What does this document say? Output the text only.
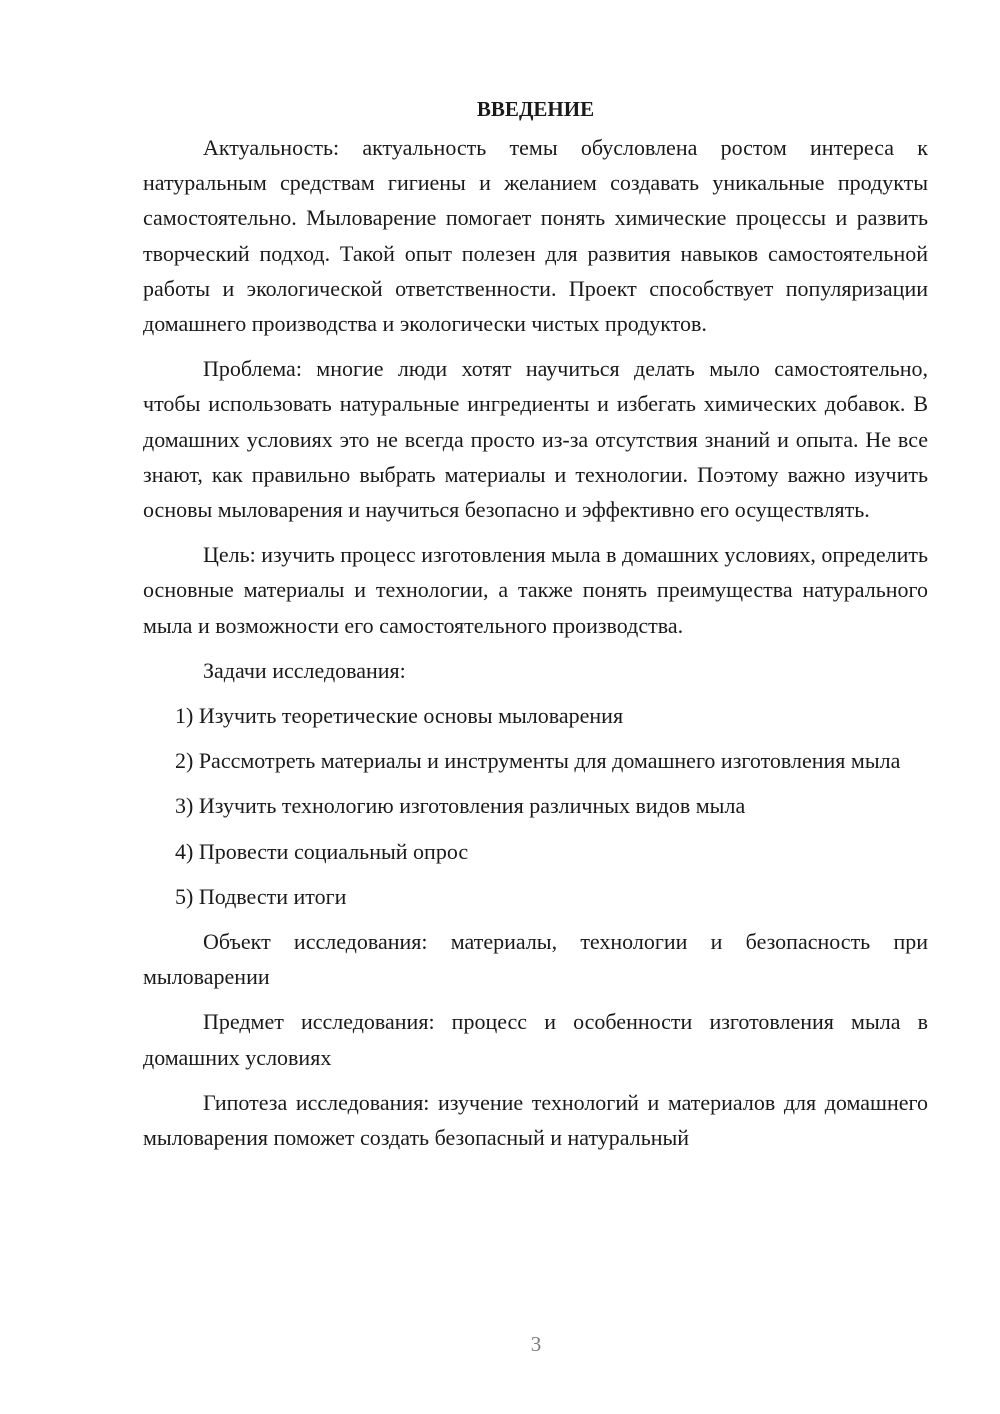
ВВЕДЕНИЕ

Актуальность: актуальность темы обусловлена ростом интереса к натуральным средствам гигиены и желанием создавать уникальные продукты самостоятельно. Мыловарение помогает понять химические процессы и развить творческий подход. Такой опыт полезен для развития навыков самостоятельной работы и экологической ответственности. Проект способствует популяризации домашнего производства и экологически чистых продуктов.

Проблема: многие люди хотят научиться делать мыло самостоятельно, чтобы использовать натуральные ингредиенты и избегать химических добавок. В домашних условиях это не всегда просто из-за отсутствия знаний и опыта. Не все знают, как правильно выбрать материалы и технологии. Поэтому важно изучить основы мыловарения и научиться безопасно и эффективно его осуществлять.

Цель: изучить процесс изготовления мыла в домашних условиях, определить основные материалы и технологии, а также понять преимущества натурального мыла и возможности его самостоятельного производства.

Задачи исследования:

1) Изучить теоретические основы мыловарения

2) Рассмотреть материалы и инструменты для домашнего изготовления мыла

3) Изучить технологию изготовления различных видов мыла

4) Провести социальный опрос

5) Подвести итоги

Объект исследования: материалы, технологии и безопасность при мыловарении

Предмет исследования: процесс и особенности изготовления мыла в домашних условиях

Гипотеза исследования: изучение технологий и материалов для домашнего мыловарения поможет создать безопасный и натуральный

3
